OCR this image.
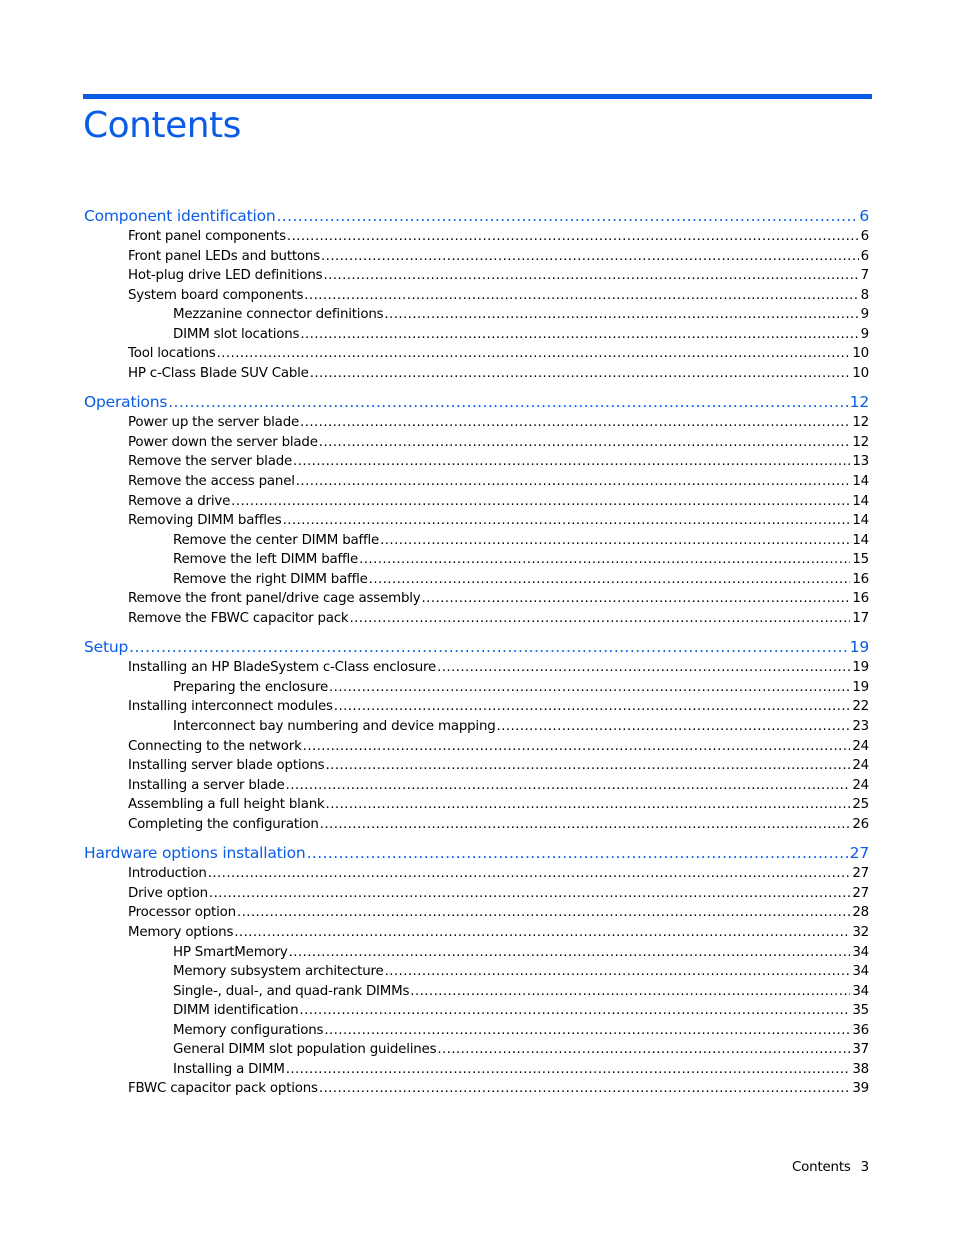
Contents
Component identification .....	6
Front panel components .....	6
Front panel LEDs and buttons .....	6
Hot-plug drive LED definitions .....	7
System board components .....	8
Mezzanine connector definitions .....	9
DIMM slot locations .....	9
Tool locations .....	10
HP c-Class Blade SUV Cable .....	10
Operations .....	12
Power up the server blade .....	12
Power down the server blade .....	12
Remove the server blade .....	13
Remove the access panel .....	14
Remove a drive .....	14
Removing DIMM baffles .....	14
Remove the center DIMM baffle .....	14
Remove the left DIMM baffle .....	15
Remove the right DIMM baffle .....	16
Remove the front panel/drive cage assembly .....	16
Remove the FBWC capacitor pack .....	17
Setup .....	19
Installing an HP BladeSystem c-Class enclosure .....	19
Preparing the enclosure .....	19
Installing interconnect modules .....	22
Interconnect bay numbering and device mapping .....	23
Connecting to the network .....	24
Installing server blade options .....	24
Installing a server blade .....	24
Assembling a full height blank .....	25
Completing the configuration .....	26
Hardware options installation .....	27
Introduction .....	27
Drive option .....	27
Processor option .....	28
Memory options .....	32
HP SmartMemory .....	34
Memory subsystem architecture .....	34
Single-, dual-, and quad-rank DIMMs .....	34
DIMM identification .....	35
Memory configurations .....	36
General DIMM slot population guidelines .....	37
Installing a DIMM .....	38
FBWC capacitor pack options .....	39
Contents 3
